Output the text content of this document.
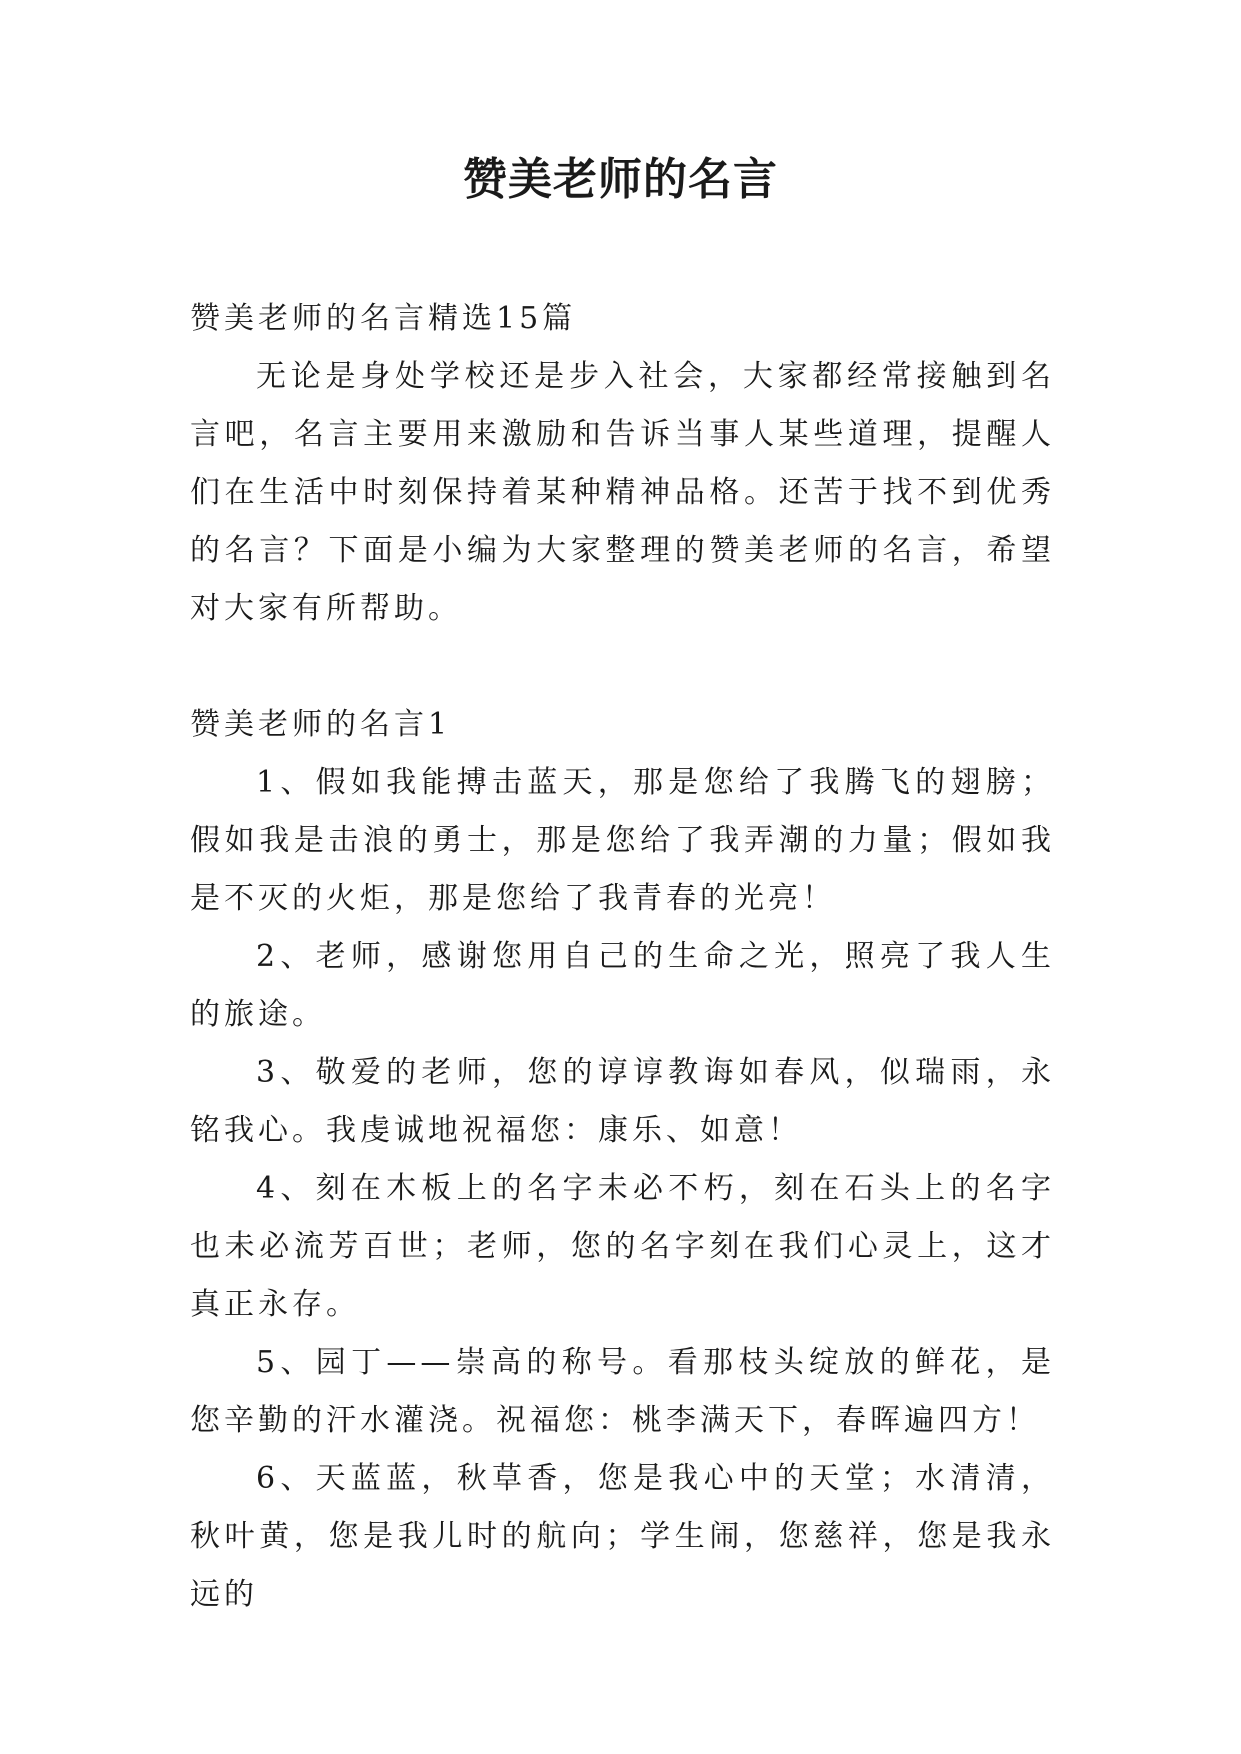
赞美老师的名言

赞美老师的名言精选15篇

无论是身处学校还是步入社会，大家都经常接触到名言吧，名言主要用来激励和告诉当事人某些道理，提醒人们在生活中时刻保持着某种精神品格。还苦于找不到优秀的名言？下面是小编为大家整理的赞美老师的名言，希望对大家有所帮助。

赞美老师的名言1

1、假如我能搏击蓝天，那是您给了我腾飞的翅膀；假如我是击浪的勇士，那是您给了我弄潮的力量；假如我是不灭的火炬，那是您给了我青春的光亮！

2、老师，感谢您用自己的生命之光，照亮了我人生的旅途。

3、敬爱的老师，您的谆谆教诲如春风，似瑞雨，永铭我心。我虔诚地祝福您：康乐、如意！

4、刻在木板上的名字未必不朽，刻在石头上的名字也未必流芳百世；老师，您的名字刻在我们心灵上，这才真正永存。

5、园丁——崇高的称号。看那枝头绽放的鲜花，是您辛勤的汗水灌浇。祝福您：桃李满天下，春晖遍四方！

6、天蓝蓝，秋草香，您是我心中的天堂；水清清，秋叶黄，您是我儿时的航向；学生闹，您慈祥，您是我永远的
